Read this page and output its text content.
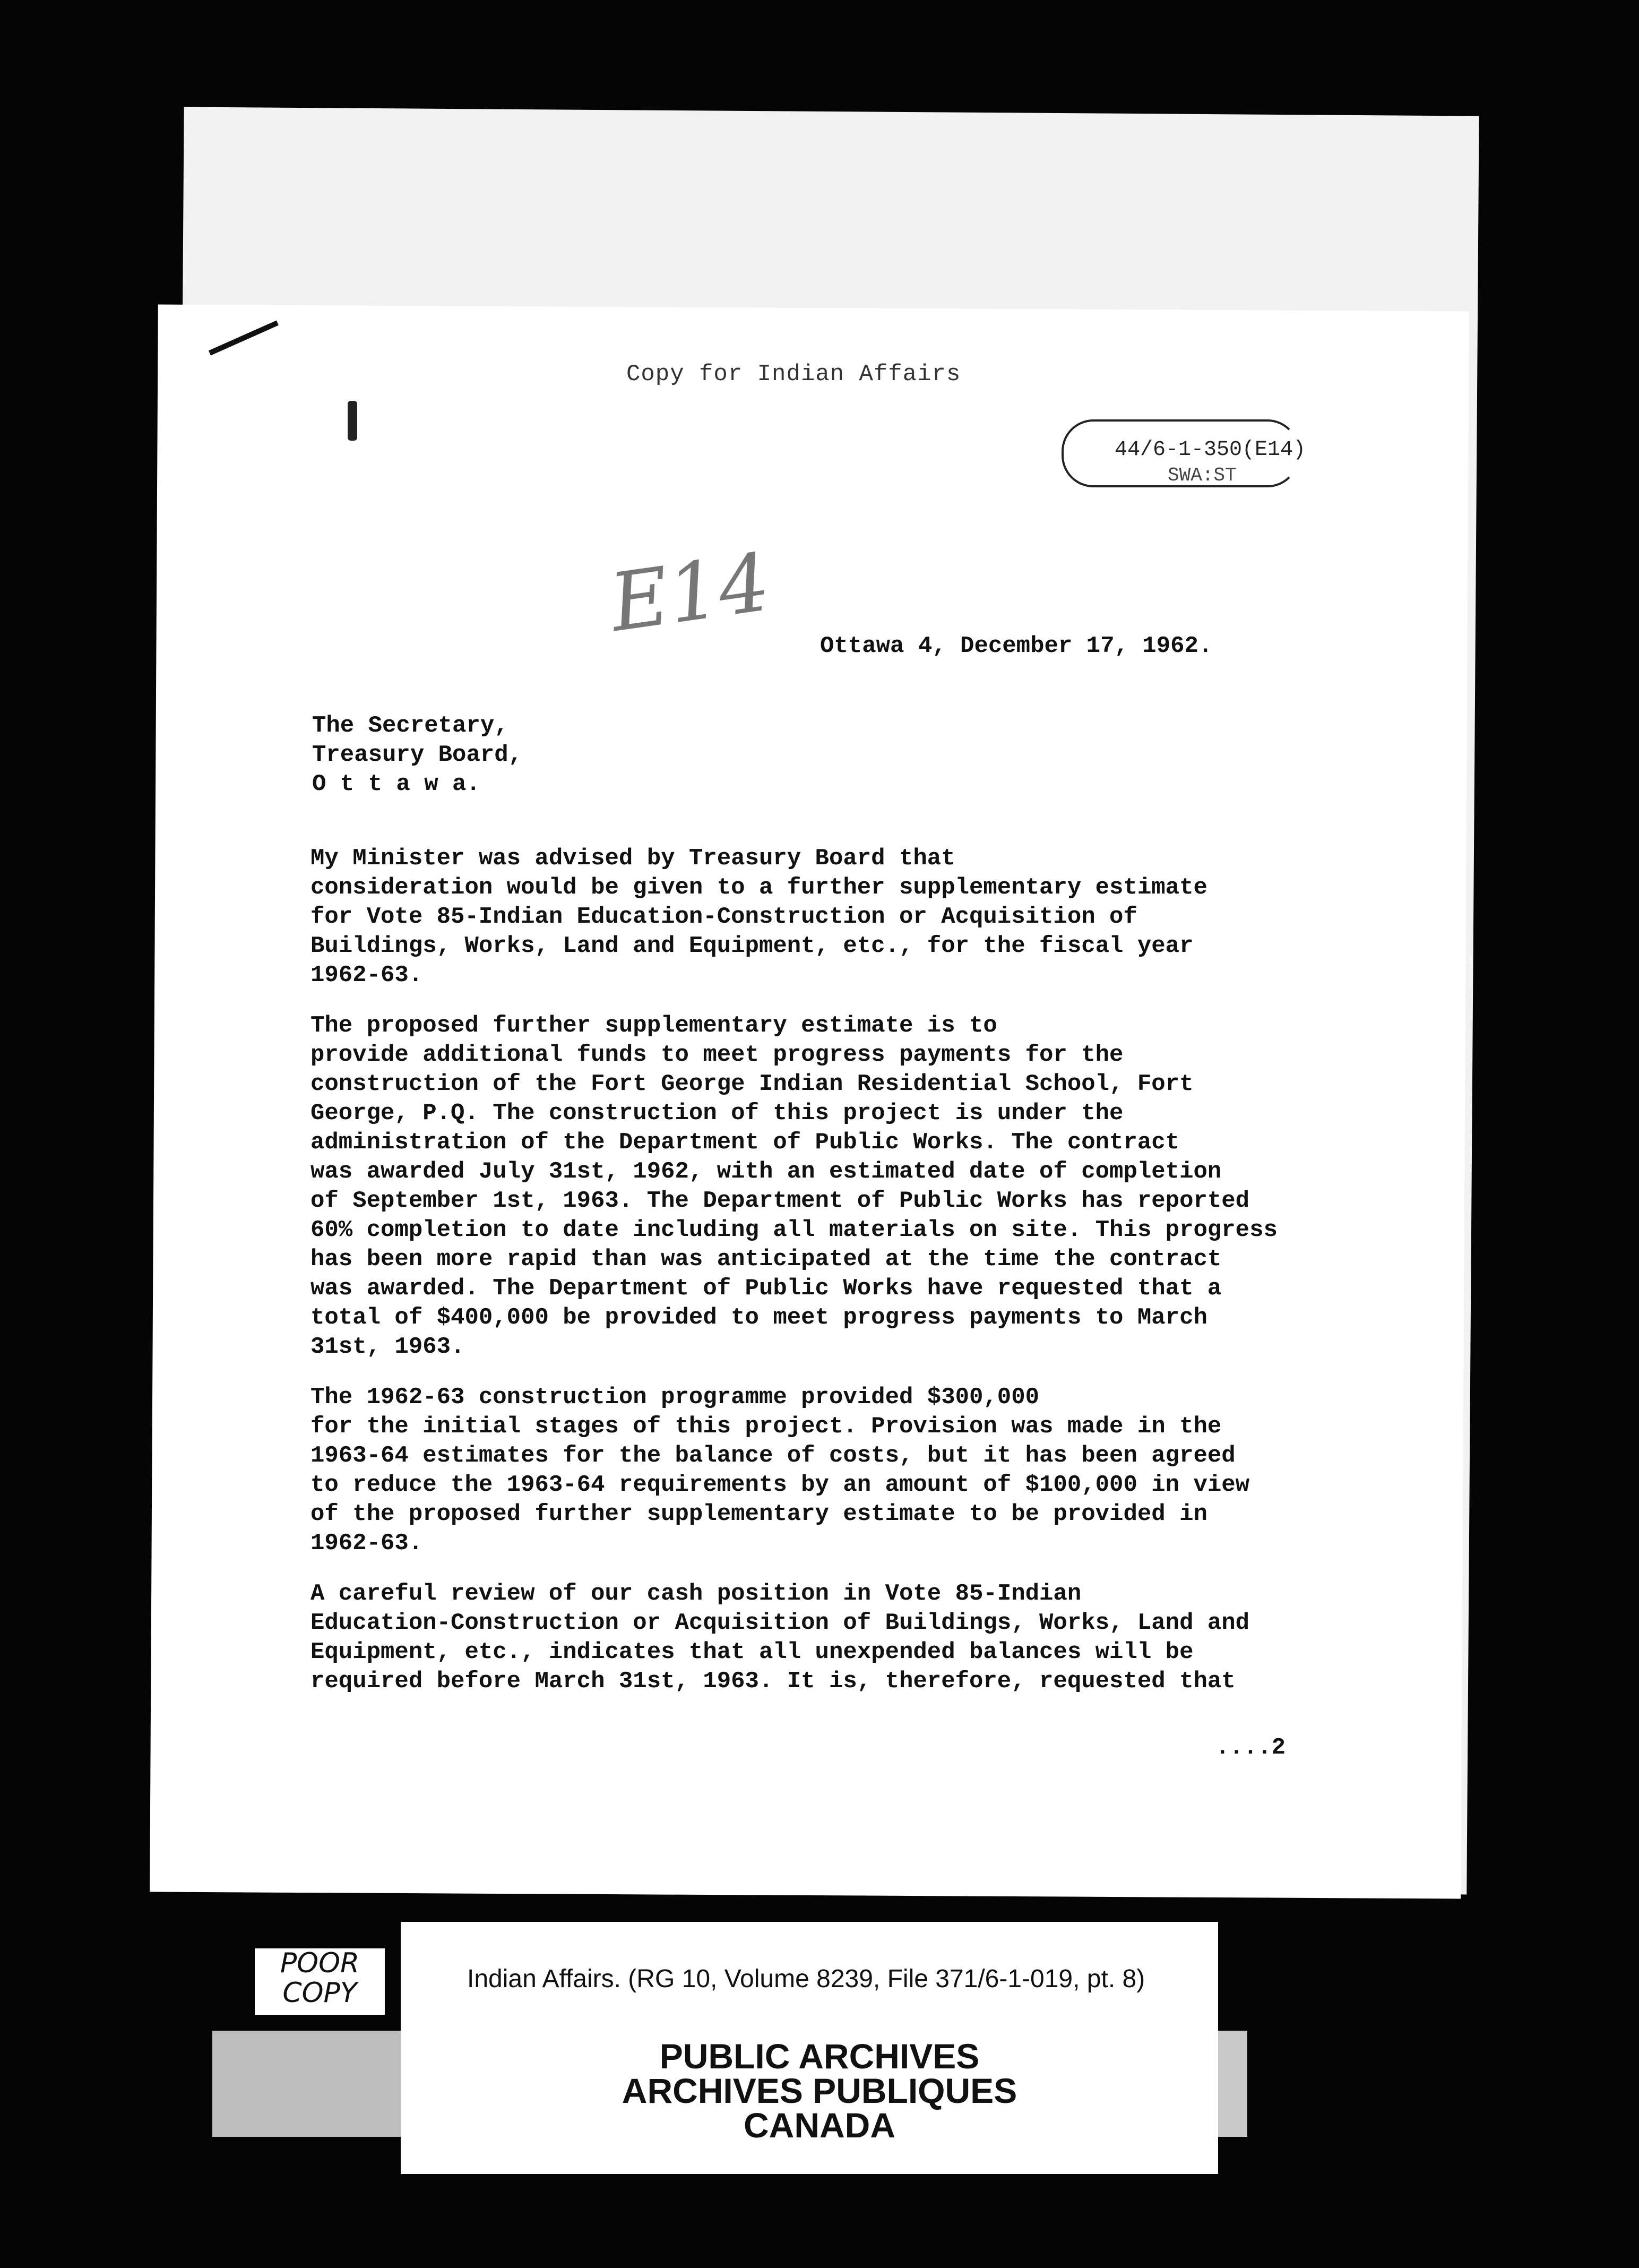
Copy for Indian Affairs
44/6-1-350(E14)
SWA:ST
E14 Ottawa 4, December 17, 1962.
The Secretary,
Treasury Board,
O t t a w a.
My Minister was advised by Treasury Board that
consideration would be given to a further supplementary estimate
for Vote 85-Indian Education-Construction or Acquisition of
Buildings, Works, Land and Equipment, etc., for the fiscal year
1962-63.
The proposed further supplementary estimate is to
provide additional funds to meet progress payments for the
construction of the Fort George Indian Residential School, Fort
George, P.Q. The construction of this project is under the
administration of the Department of Public Works. The contract
was awarded July 31st, 1962, with an estimated date of completion
of September 1st, 1963. The Department of Public Works has reported
60% completion to date including all materials on site. This progress
has been more rapid than was anticipated at the time the contract
was awarded. The Department of Public Works have requested that a
total of $400,000 be provided to meet progress payments to March
31st, 1963.
The 1962-63 construction programme provided $300,000
for the initial stages of this project. Provision was made in the
1963-64 estimates for the balance of costs, but it has been agreed
to reduce the 1963-64 requirements by an amount of $100,000 in view
of the proposed further supplementary estimate to be provided in
1962-63.
A careful review of our cash position in Vote 85-Indian
Education-Construction or Acquisition of Buildings, Works, Land and
Equipment, etc., indicates that all unexpended balances will be
required before March 31st, 1963. It is, therefore, requested that
....2
POOR
COPY	Indian Affairs. (RG 10, Volume 8239, File 371/6-1-019, pt. 8)
PUBLIC ARCHIVES
ARCHIVES PUBLIQUES
CANADA
